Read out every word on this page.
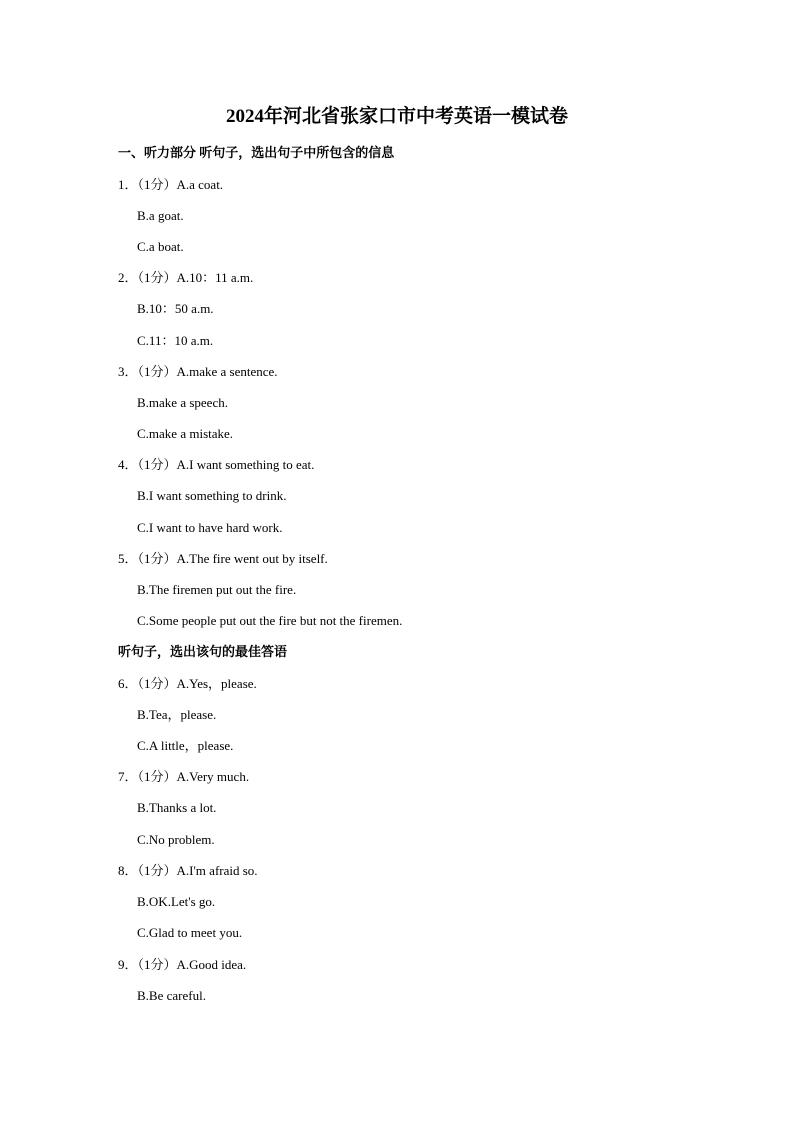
2024年河北省张家口市中考英语一模试卷
一、听力部分 听句子，选出句子中所包含的信息
1．（1分）A.a coat.
B.a goat.
C.a boat.
2．（1分）A.10：11 a.m.
B.10：50 a.m.
C.11：10 a.m.
3．（1分）A.make a sentence.
B.make a speech.
C.make a mistake.
4．（1分）A.I want something to eat.
B.I want something to drink.
C.I want to have hard work.
5．（1分）A.The fire went out by itself.
B.The firemen put out the fire.
C.Some people put out the fire but not the firemen.
听句子，选出该句的最佳答语
6．（1分）A.Yes，please.
B.Tea，please.
C.A little，please.
7．（1分）A.Very much.
B.Thanks a lot.
C.No problem.
8．（1分）A.I'm afraid so.
B.OK.Let's go.
C.Glad to meet you.
9．（1分）A.Good idea.
B.Be careful.
